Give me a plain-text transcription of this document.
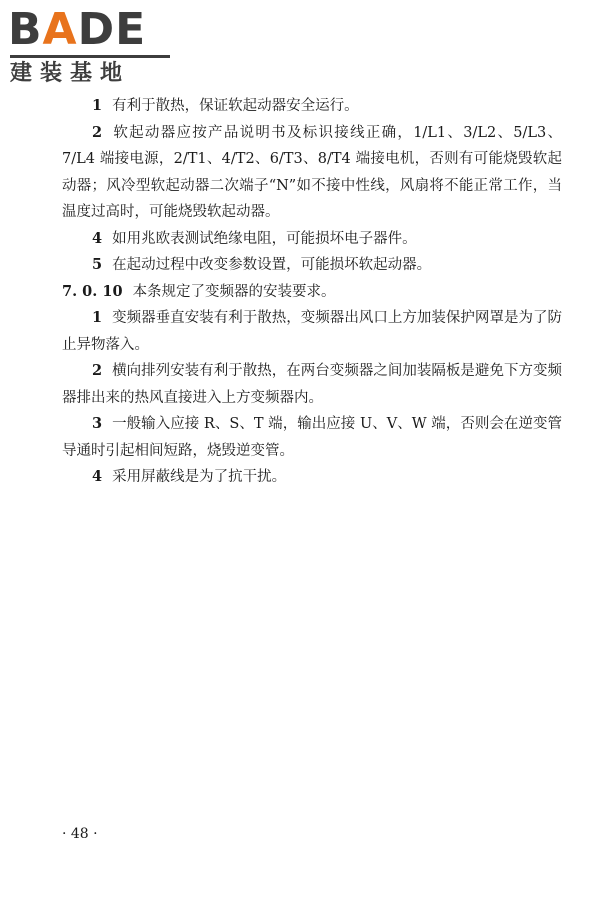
BADE
建装基地

1 有利于散热，保证软起动器安全运行。

2 软起动器应按产品说明书及标识接线正确，1/L1、3/L2、5/L3、7/L4 端接电源，2/T1、4/T2、6/T3、8/T4 端接电机，否则有可能烧毁软起动器；风冷型软起动器二次端子“N”如不接中性线，风扇将不能正常工作，当温度过高时，可能烧毁软起动器。

4 如用兆欧表测试绝缘电阻，可能损坏电子器件。

5 在起动过程中改变参数设置，可能损坏软起动器。

7. 0. 10 本条规定了变频器的安装要求。

1 变频器垂直安装有利于散热，变频器出风口上方加装保护网罩是为了防止异物落入。

2 横向排列安装有利于散热，在两台变频器之间加装隔板是避免下方变频器排出来的热风直接进入上方变频器内。

3 一般输入应接 R、S、T 端，输出应接 U、V、W 端，否则会在逆变管导通时引起相间短路，烧毁逆变管。

4 采用屏蔽线是为了抗干扰。

· 48 ·
